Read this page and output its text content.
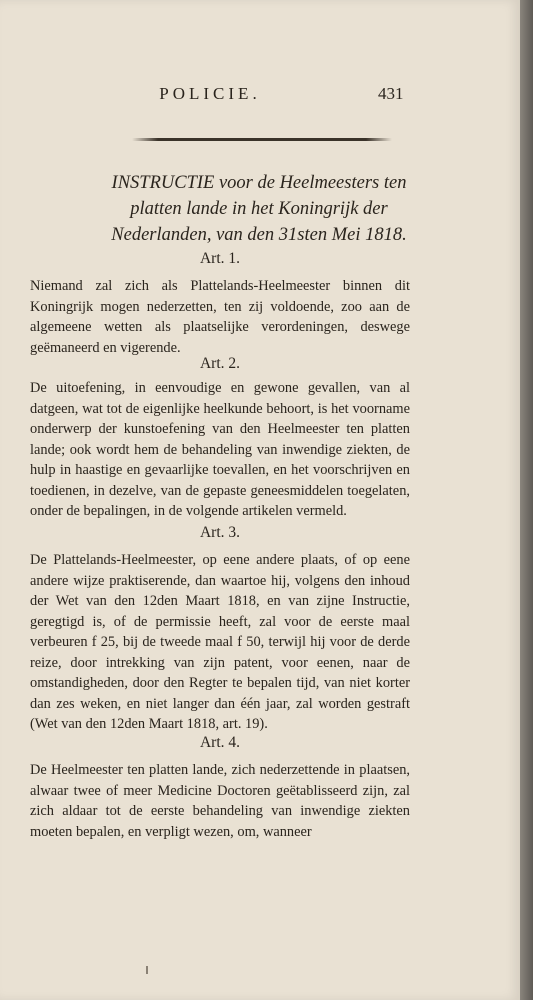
POLICIE.	431
INSTRUCTIE voor de Heelmeesters ten
platten lande in het Koningrijk der
Nederlanden, van den 31sten Mei 1818.
Art. 1.

Niemand zal zich als Plattelands-Heelmeester binnen dit Koningrijk mogen nederzetten, ten zij voldoende, zoo aan de algemeene wetten als plaatselijke verordeningen, deswege geëmaneerd en vigerende.

Art. 2.

De uitoefening, in eenvoudige en gewone gevallen, van al datgeen, wat tot de eigenlijke heelkunde behoort, is het voorname onderwerp der kunstoefening van den Heelmeester ten platten lande; ook wordt hem de behandeling van inwendige ziekten, de hulp in haastige en gevaarlijke toevallen, en het voorschrijven en toedienen, in dezelve, van de gepaste geneesmiddelen toegelaten, onder de bepalingen, in de volgende artikelen vermeld.

Art. 3.

De Plattelands-Heelmeester, op eene andere plaats, of op eene andere wijze praktiserende, dan waartoe hij, volgens den inhoud der Wet van den 12den Maart 1818, en van zijne Instructie, geregtigd is, of de permissie heeft, zal voor de eerste maal verbeuren f 25, bij de tweede maal f 50, terwijl hij voor de derde reize, door intrekking van zijn patent, voor eenen, naar de omstandigheden, door den Regter te bepalen tijd, van niet korter dan zes weken, en niet langer dan één jaar, zal worden gestraft (Wet van den 12den Maart 1818, art. 19).

Art. 4.

De Heelmeester ten platten lande, zich nederzettende in plaatsen, alwaar twee of meer Medicine Doctoren geëtablisseerd zijn, zal zich aldaar tot de eerste behandeling van inwendige ziekten moeten bepalen, en verpligt wezen, om, wanneer
